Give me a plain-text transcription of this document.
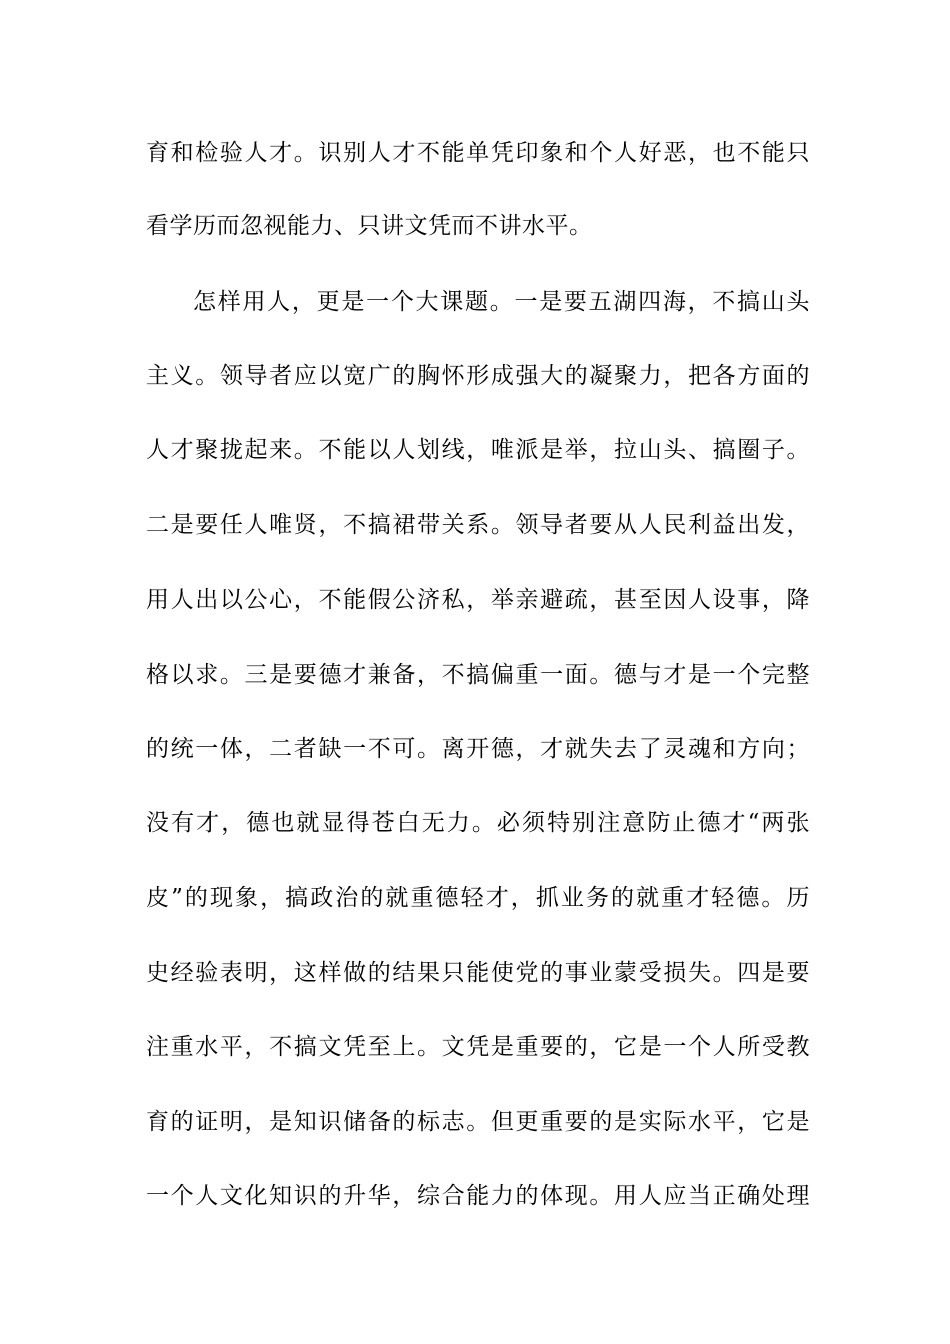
育和检验人才。识别人才不能单凭印象和个人好恶，也不能只
看学历而忽视能力、只讲文凭而不讲水平。
怎样用人，更是一个大课题。一是要五湖四海，不搞山头
主义。领导者应以宽广的胸怀形成强大的凝聚力，把各方面的
人才聚拢起来。不能以人划线，唯派是举，拉山头、搞圈子。
二是要任人唯贤，不搞裙带关系。领导者要从人民利益出发，
用人出以公心，不能假公济私，举亲避疏，甚至因人设事，降
格以求。三是要德才兼备，不搞偏重一面。德与才是一个完整
的统一体，二者缺一不可。离开德，才就失去了灵魂和方向；
没有才，德也就显得苍白无力。必须特别注意防止德才“两张
皮”的现象，搞政治的就重德轻才，抓业务的就重才轻德。历
史经验表明，这样做的结果只能使党的事业蒙受损失。四是要
注重水平，不搞文凭至上。文凭是重要的，它是一个人所受教
育的证明，是知识储备的标志。但更重要的是实际水平，它是
一个人文化知识的升华，综合能力的体现。用人应当正确处理
